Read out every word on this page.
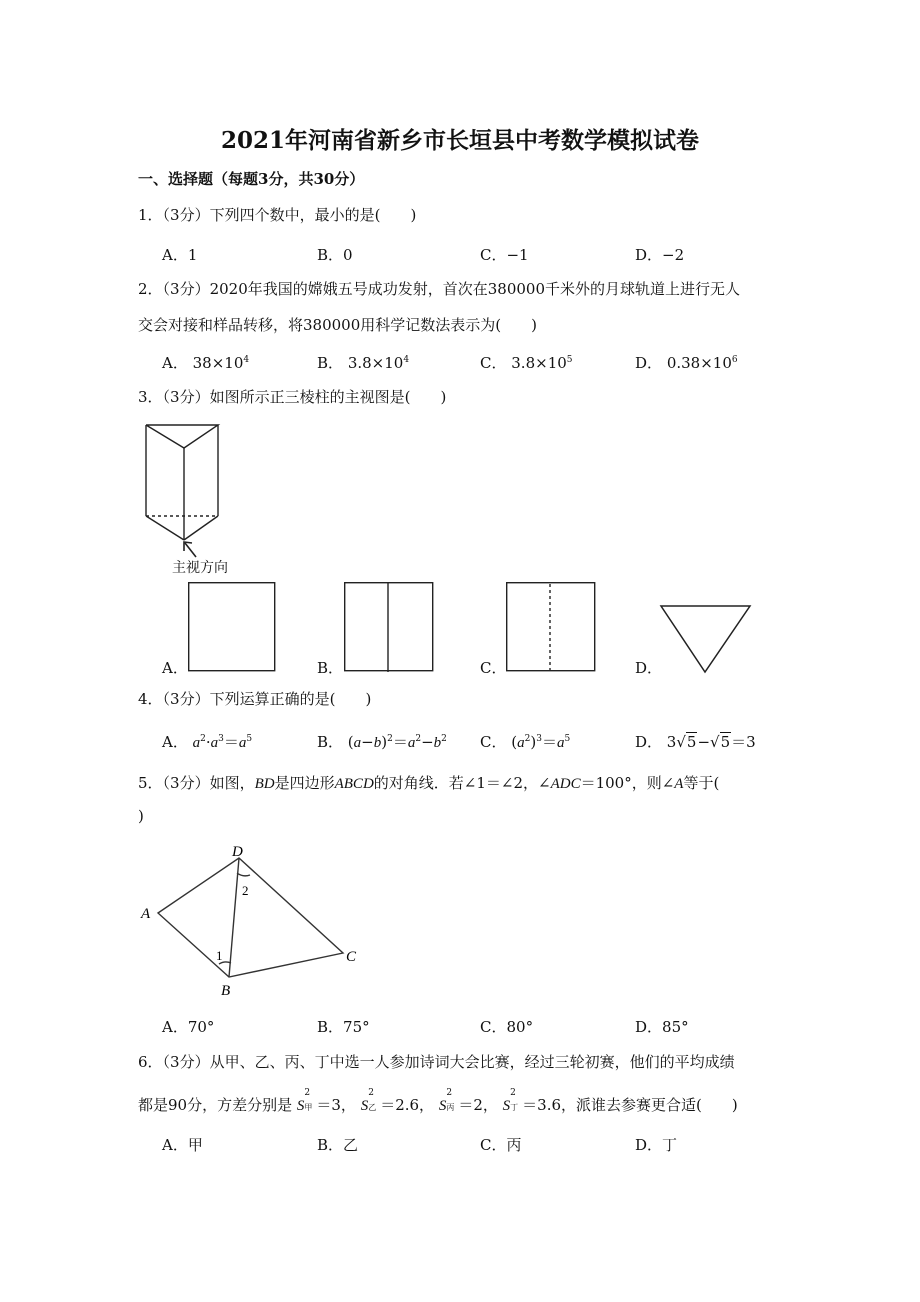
2021年河南省新乡市长垣县中考数学模拟试卷
一、选择题（每题3分，共30分）
1．（3分）下列四个数中，最小的是(　　)
A．1	B．0	C．−1	D．−2
2．（3分）2020年我国的嫦娥五号成功发射，首次在380000千米外的月球轨道上进行无人
交会对接和样品转移，将380000用科学记数法表示为(　　)
A． $38\times 10^4$	B． $3.8\times 10^4$	C． $3.8\times 10^5$	D． $0.38\times 10^6$
3．（3分）如图所示正三棱柱的主视图是(　　)
主视方向
A．	B．	C．	D．
4．（3分）下列运算正确的是(　　)
A． $a^2\cdot a^3=a^5$	B． $(a-b)^2=a^2-b^2$ C． $(a^2)^3=a^5$	D． 3√5−√5＝3
5．（3分）如图，BD是四边形ABCD的对角线．若∠1＝∠2，∠ADC＝100°，则∠A等于(
)
D
A
C
B
1
2
A．70°	B．75°	C．80°	D．85°
6．（3分）从甲、乙、丙、丁中选一人参加诗词大会比赛，经过三轮初赛，他们的平均成绩
都是90分，方差分别是 S
2
甲 ＝3， S
2
乙 ＝2.6， S
2
丙 ＝2， S
2
丁 ＝3.6，派谁去参赛更合适(　　)
A．甲	B．乙	C．丙	D．丁
